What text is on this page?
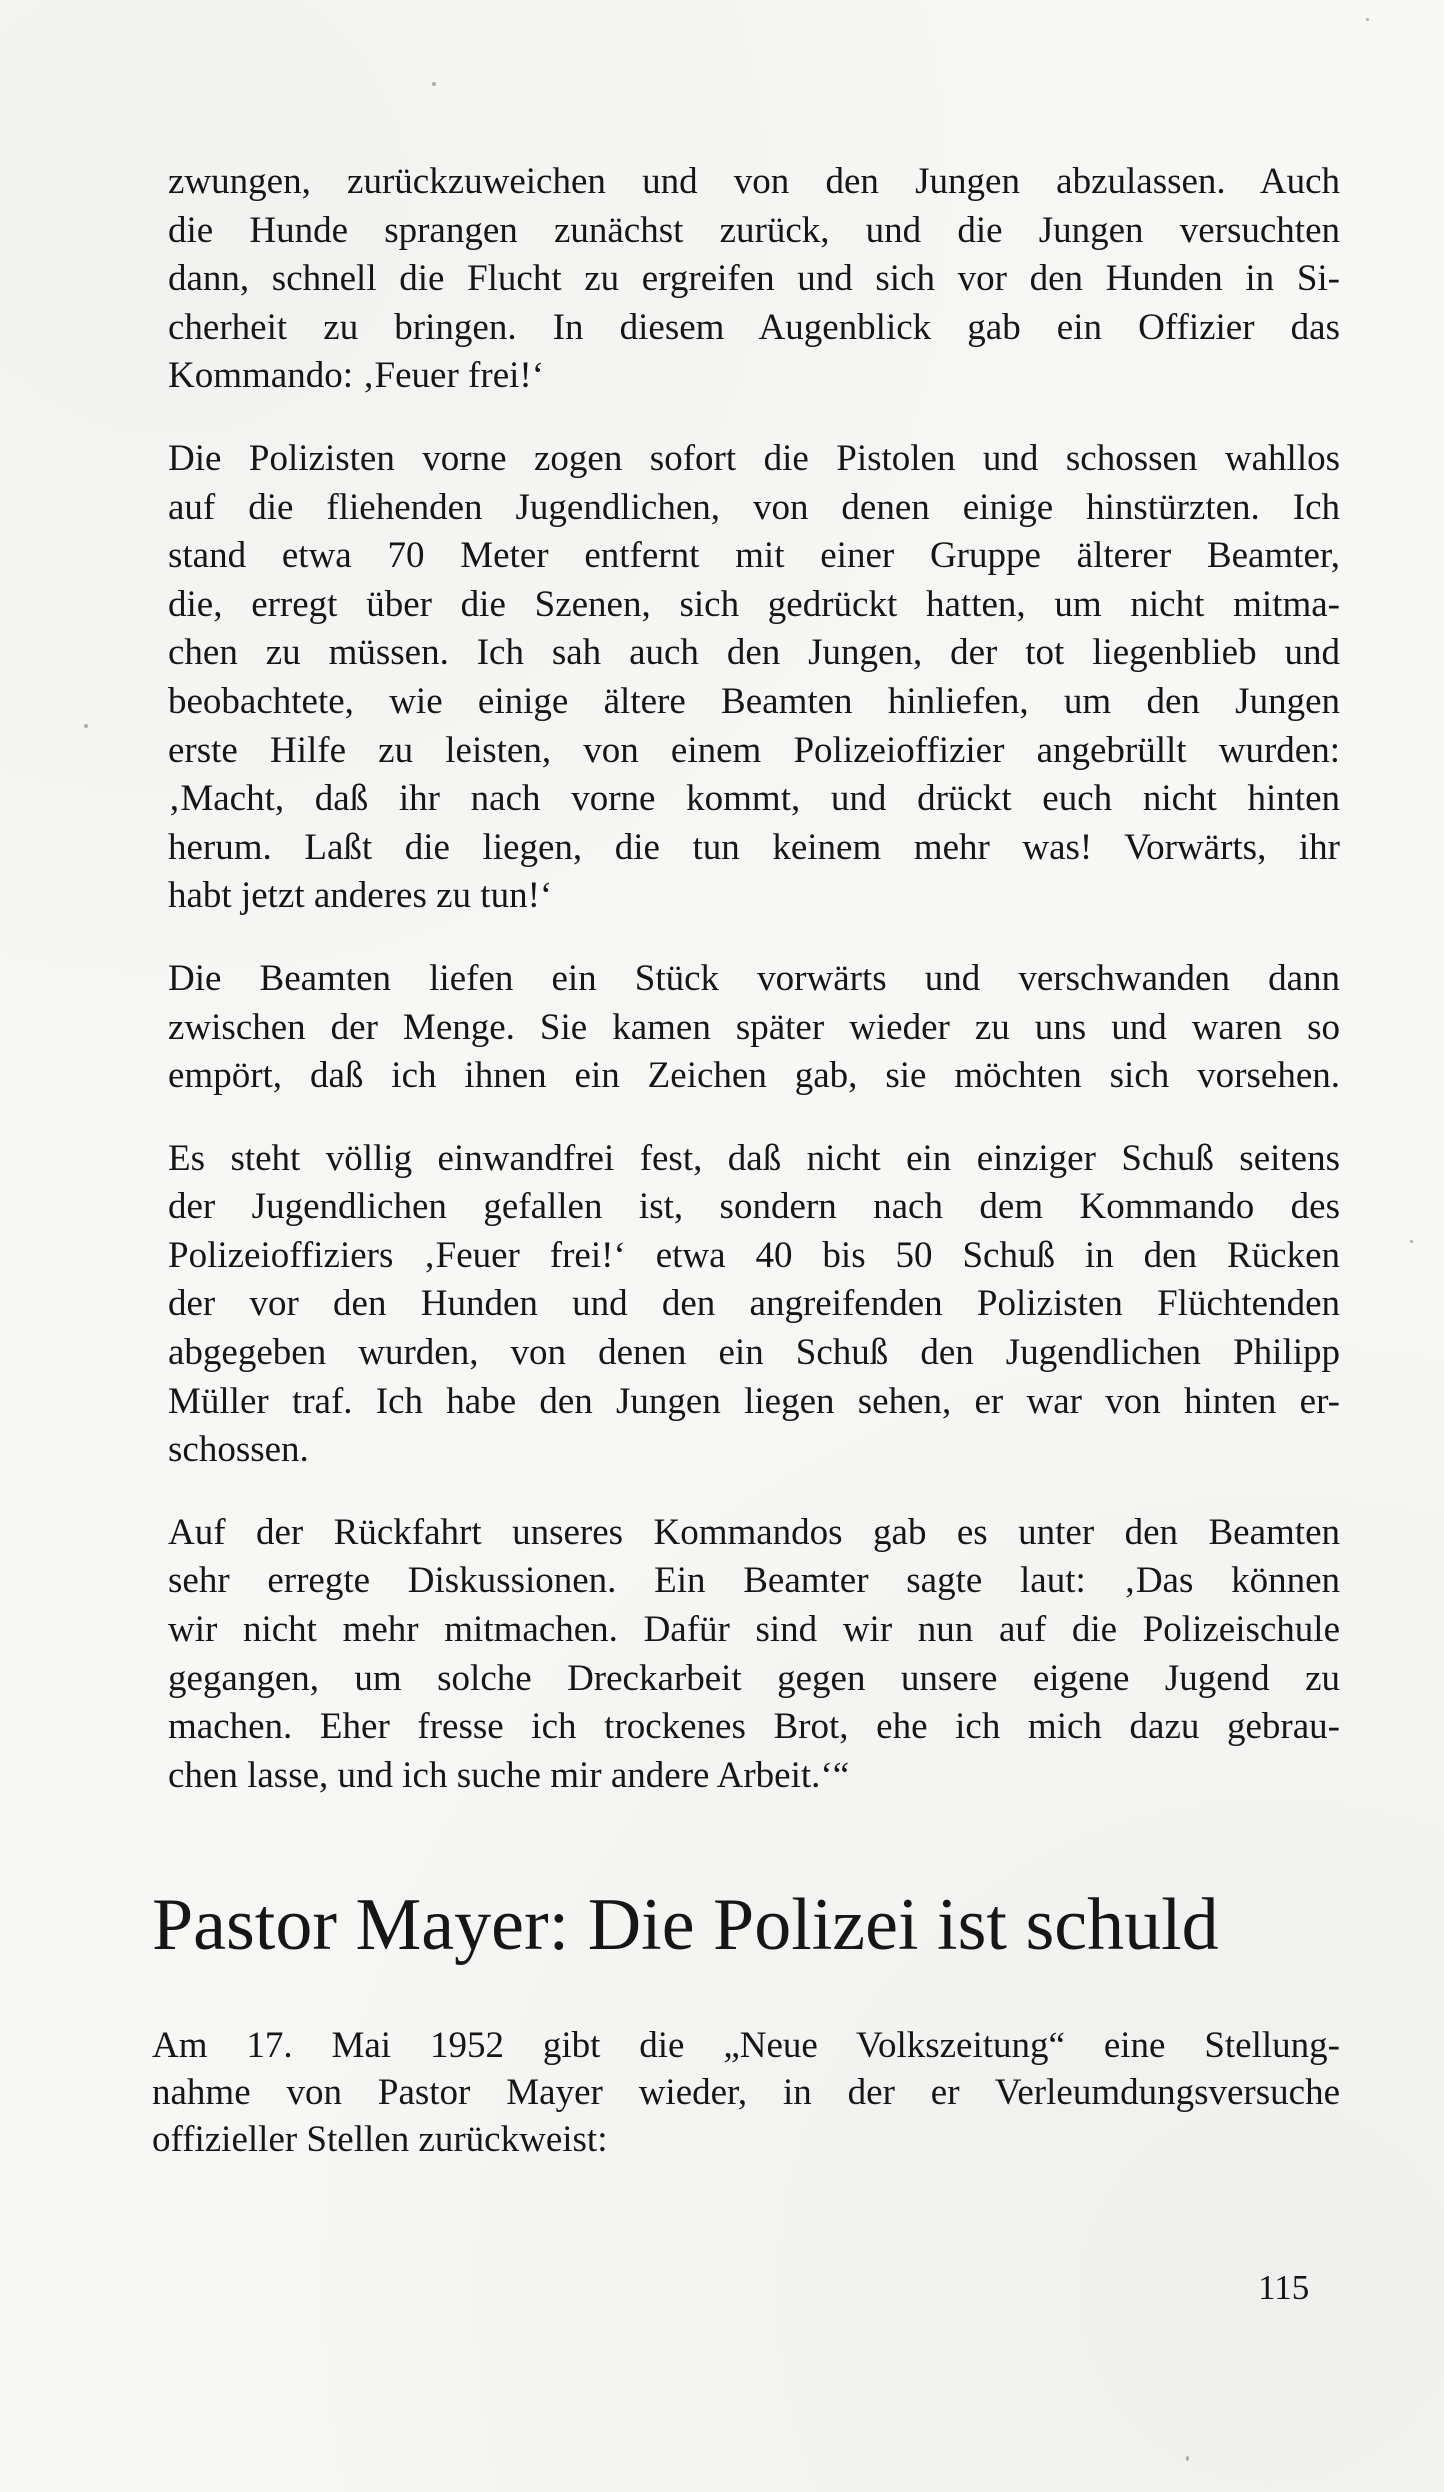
zwungen, zurückzuweichen und von den Jungen abzulassen. Auch
die Hunde sprangen zunächst zurück, und die Jungen versuchten
dann, schnell die Flucht zu ergreifen und sich vor den Hunden in Si-
cherheit zu bringen. In diesem Augenblick gab ein Offizier das
Kommando: ‚Feuer frei!‘

Die Polizisten vorne zogen sofort die Pistolen und schossen wahllos
auf die fliehenden Jugendlichen, von denen einige hinstürzten. Ich
stand etwa 70 Meter entfernt mit einer Gruppe älterer Beamter,
die, erregt über die Szenen, sich gedrückt hatten, um nicht mitma-
chen zu müssen. Ich sah auch den Jungen, der tot liegenblieb und
beobachtete, wie einige ältere Beamten hinliefen, um den Jungen
erste Hilfe zu leisten, von einem Polizeioffizier angebrüllt wurden:
‚Macht, daß ihr nach vorne kommt, und drückt euch nicht hinten
herum. Laßt die liegen, die tun keinem mehr was! Vorwärts, ihr
habt jetzt anderes zu tun!‘

Die Beamten liefen ein Stück vorwärts und verschwanden dann
zwischen der Menge. Sie kamen später wieder zu uns und waren so
empört, daß ich ihnen ein Zeichen gab, sie möchten sich vorsehen.

Es steht völlig einwandfrei fest, daß nicht ein einziger Schuß seitens
der Jugendlichen gefallen ist, sondern nach dem Kommando des
Polizeioffiziers ‚Feuer frei!‘ etwa 40 bis 50 Schuß in den Rücken
der vor den Hunden und den angreifenden Polizisten Flüchtenden
abgegeben wurden, von denen ein Schuß den Jugendlichen Philipp
Müller traf. Ich habe den Jungen liegen sehen, er war von hinten er-
schossen.

Auf der Rückfahrt unseres Kommandos gab es unter den Beamten
sehr erregte Diskussionen. Ein Beamter sagte laut: ‚Das können
wir nicht mehr mitmachen. Dafür sind wir nun auf die Polizeischule
gegangen, um solche Dreckarbeit gegen unsere eigene Jugend zu
machen. Eher fresse ich trockenes Brot, ehe ich mich dazu gebrau-
chen lasse, und ich suche mir andere Arbeit.‘“

Pastor Mayer: Die Polizei ist schuld
Am 17. Mai 1952 gibt die „Neue Volkszeitung“ eine Stellung-
nahme von Pastor Mayer wieder, in der er Verleumdungsversuche
offizieller Stellen zurückweist:
115
